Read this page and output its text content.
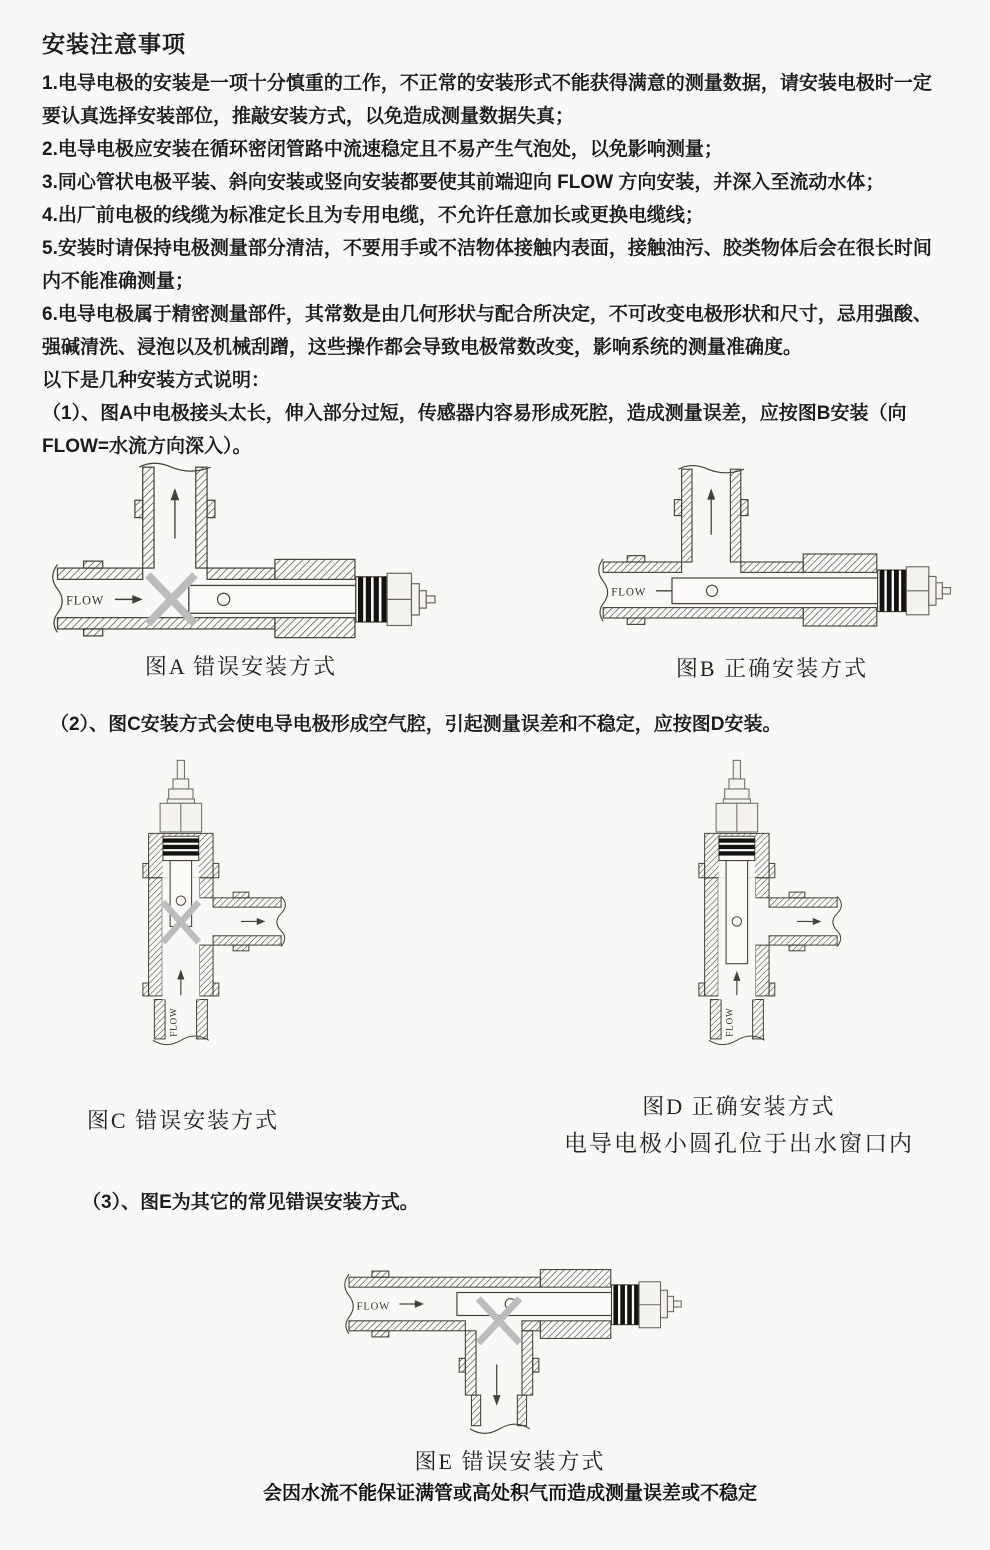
安装注意事项

1.电导电极的安装是一项十分慎重的工作，不正常的安装形式不能获得满意的测量数据，请安装电极时一定要认真选择安装部位，推敲安装方式，以免造成测量数据失真；

2.电导电极应安装在循环密闭管路中流速稳定且不易产生气泡处，以免影响测量；

3.同心管状电极平装、斜向安装或竖向安装都要使其前端迎向 FLOW 方向安装，并深入至流动水体；

4.出厂前电极的线缆为标准定长且为专用电缆，不允许任意加长或更换电缆线；

5.安装时请保持电极测量部分清洁，不要用手或不洁物体接触内表面，接触油污、胶类物体后会在很长时间内不能准确测量；

6.电导电极属于精密测量部件，其常数是由几何形状与配合所决定，不可改变电极形状和尺寸，忌用强酸、强碱清洗、浸泡以及机械刮蹭，这些操作都会导致电极常数改变，影响系统的测量准确度。

以下是几种安装方式说明：

（1）、图A中电极接头太长，伸入部分过短，传感器内容易形成死腔，造成测量误差，应按图B安装（向 FLOW=水流方向深入）。

FLOW
图A 错误安装方式
FLOW
图B 正确安装方式

（2）、图C安装方式会使电导电极形成空气腔，引起测量误差和不稳定，应按图D安装。

FLOW
图C 错误安装方式
FLOW
图D 正确安装方式
电导电极小圆孔位于出水窗口内

（3）、图E为其它的常见错误安装方式。

FLOW
图E 错误安装方式
会因水流不能保证满管或高处积气而造成测量误差或不稳定
